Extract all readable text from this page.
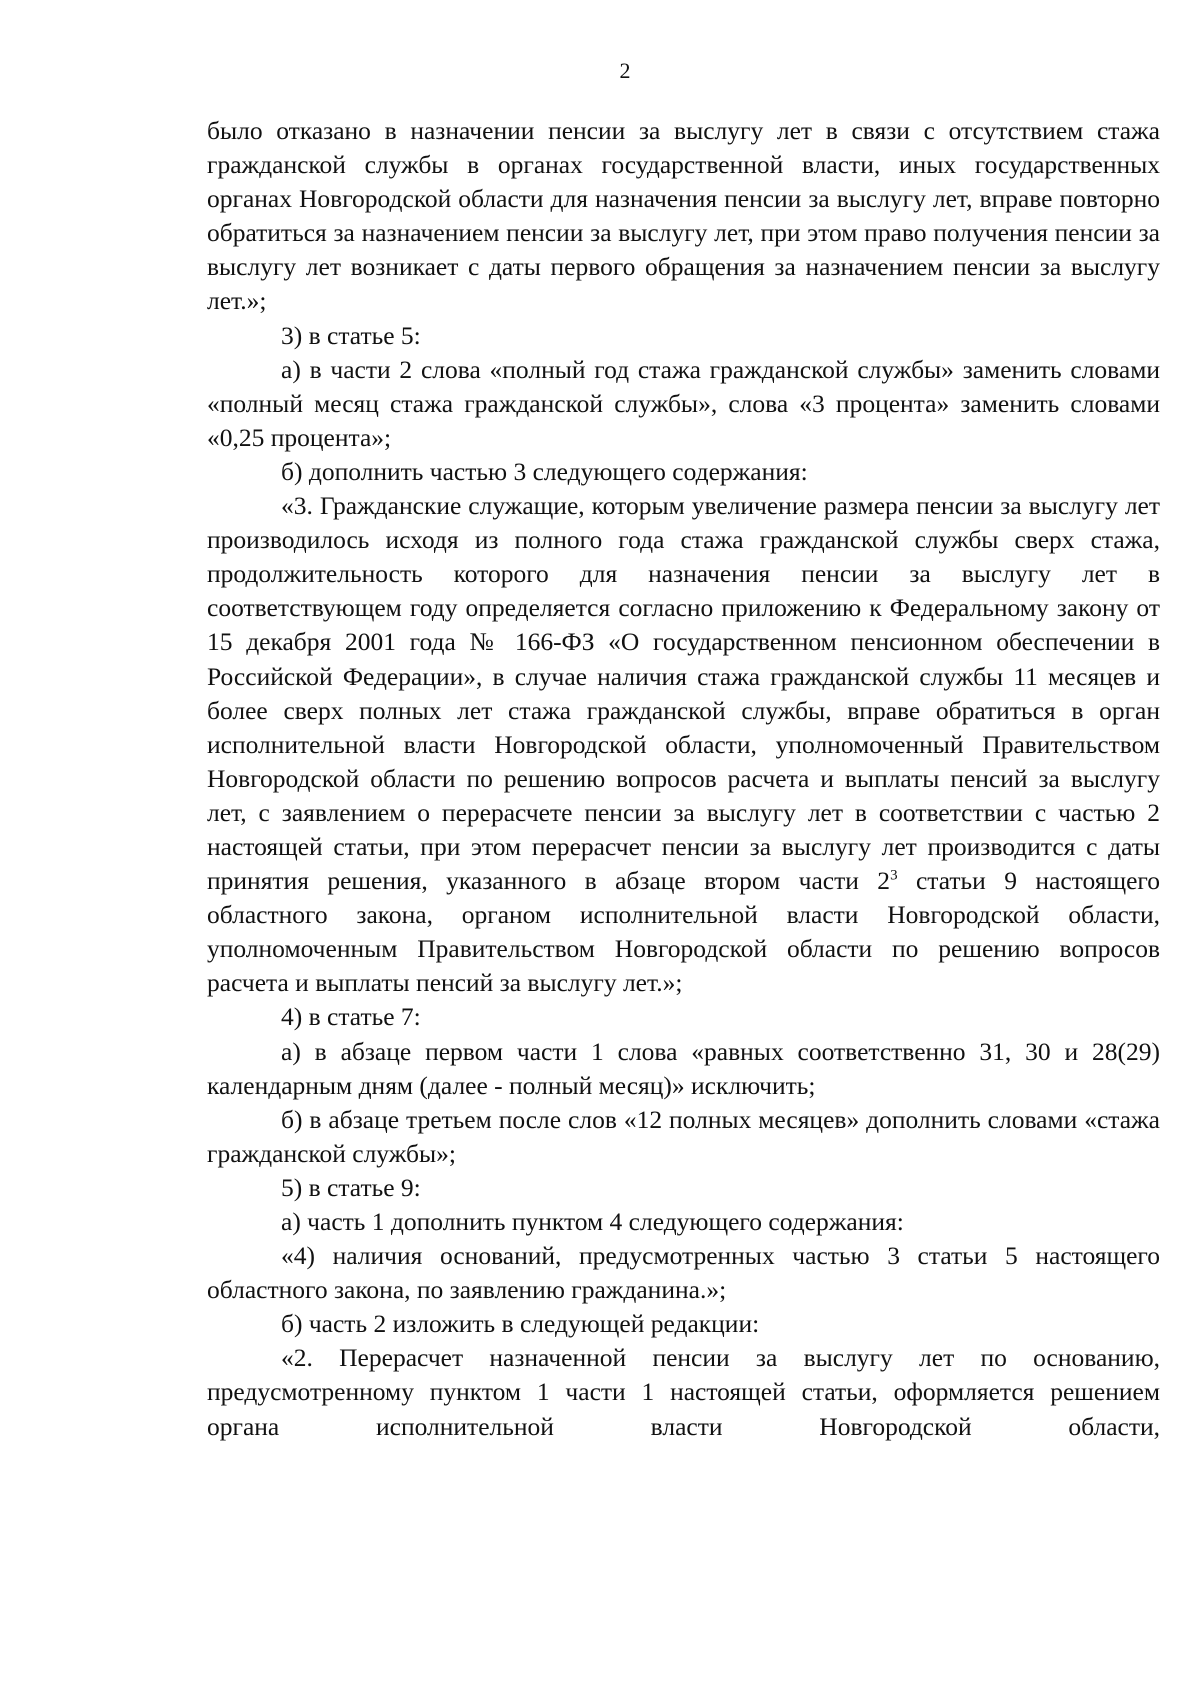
2

было отказано в назначении пенсии за выслугу лет в связи с отсутствием стажа гражданской службы в органах государственной власти, иных государственных органах Новгородской области для назначения пенсии за выслугу лет, вправе повторно обратиться за назначением пенсии за выслугу лет, при этом право получения пенсии за выслугу лет возникает с даты первого обращения за назначением пенсии за выслугу лет.»;

3) в статье 5:

а) в части 2 слова «полный год стажа гражданской службы» заменить словами «полный месяц стажа гражданской службы», слова «3 процента» заменить словами «0,25 процента»;

б) дополнить частью 3 следующего содержания:

«3. Гражданские служащие, которым увеличение размера пенсии за выслугу лет производилось исходя из полного года стажа гражданской службы сверх стажа, продолжительность которого для назначения пенсии за выслугу лет в соответствующем году определяется согласно приложению к Федеральному закону от 15 декабря 2001 года № 166-ФЗ «О государственном пенсионном обеспечении в Российской Федерации», в случае наличия стажа гражданской службы 11 месяцев и более сверх полных лет стажа гражданской службы, вправе обратиться в орган исполнительной власти Новгородской области, уполномоченный Правительством Новгородской области по решению вопросов расчета и выплаты пенсий за выслугу лет, с заявлением о перерасчете пенсии за выслугу лет в соответствии с частью 2 настоящей статьи, при этом перерасчет пенсии за выслугу лет производится с даты принятия решения, указанного в абзаце втором части $2^3$ статьи 9 настоящего областного закона, органом исполнительной власти Новгородской области, уполномоченным Правительством Новгородской области по решению вопросов расчета и выплаты пенсий за выслугу лет.»;

4) в статье 7:

а) в абзаце первом части 1 слова «равных соответственно 31, 30 и 28(29) календарным дням (далее - полный месяц)» исключить;

б) в абзаце третьем после слов «12 полных месяцев» дополнить словами «стажа гражданской службы»;

5) в статье 9:

а) часть 1 дополнить пунктом 4 следующего содержания:

«4) наличия оснований, предусмотренных частью 3 статьи 5 настоящего областного закона, по заявлению гражданина.»;

б) часть 2 изложить в следующей редакции:

«2. Перерасчет назначенной пенсии за выслугу лет по основанию, предусмотренному пунктом 1 части 1 настоящей статьи, оформляется решением органа исполнительной власти Новгородской области,
